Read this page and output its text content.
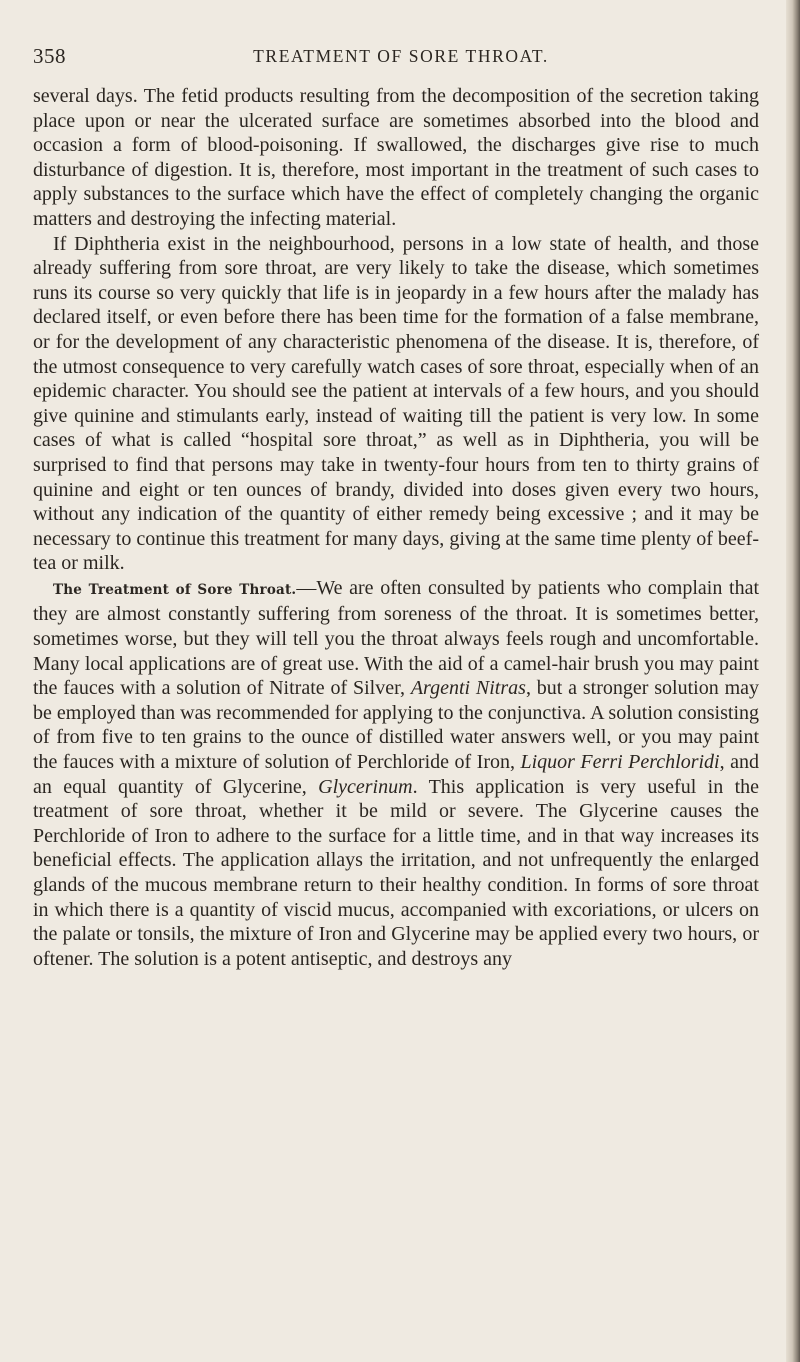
358	TREATMENT OF SORE THROAT.

several days. The fetid products resulting from the decomposition of the secretion taking place upon or near the ulcerated surface are sometimes absorbed into the blood and occasion a form of blood-poisoning. If swallowed, the discharges give rise to much disturbance of digestion. It is, therefore, most important in the treatment of such cases to apply substances to the surface which have the effect of completely changing the organic matters and destroying the infecting material.

If Diphtheria exist in the neighbourhood, persons in a low state of health, and those already suffering from sore throat, are very likely to take the disease, which sometimes runs its course so very quickly that life is in jeopardy in a few hours after the malady has declared itself, or even before there has been time for the formation of a false membrane, or for the development of any characteristic phenomena of the disease. It is, therefore, of the utmost consequence to very carefully watch cases of sore throat, especially when of an epidemic character. You should see the patient at intervals of a few hours, and you should give quinine and stimulants early, instead of waiting till the patient is very low. In some cases of what is called “hospital sore throat,” as well as in Diphtheria, you will be surprised to find that persons may take in twenty-four hours from ten to thirty grains of quinine and eight or ten ounces of brandy, divided into doses given every two hours, without any indication of the quantity of either remedy being excessive ; and it may be necessary to continue this treatment for many days, giving at the same time plenty of beef-tea or milk.

The Treatment of Sore Throat.—We are often consulted by patients who complain that they are almost constantly suffering from soreness of the throat. It is sometimes better, sometimes worse, but they will tell you the throat always feels rough and uncomfortable. Many local applications are of great use. With the aid of a camel-hair brush you may paint the fauces with a solution of Nitrate of Silver, Argenti Nitras, but a stronger solution may be employed than was recommended for applying to the conjunctiva. A solution consisting of from five to ten grains to the ounce of distilled water answers well, or you may paint the fauces with a mixture of solution of Perchloride of Iron, Liquor Ferri Perchloridi, and an equal quantity of Glycerine, Glycerinum. This application is very useful in the treatment of sore throat, whether it be mild or severe. The Glycerine causes the Perchloride of Iron to adhere to the surface for a little time, and in that way increases its beneficial effects. The application allays the irritation, and not unfrequently the enlarged glands of the mucous membrane return to their healthy condition. In forms of sore throat in which there is a quantity of viscid mucus, accompanied with excoriations, or ulcers on the palate or tonsils, the mixture of Iron and Glycerine may be applied every two hours, or oftener. The solution is a potent antiseptic, and destroys any
